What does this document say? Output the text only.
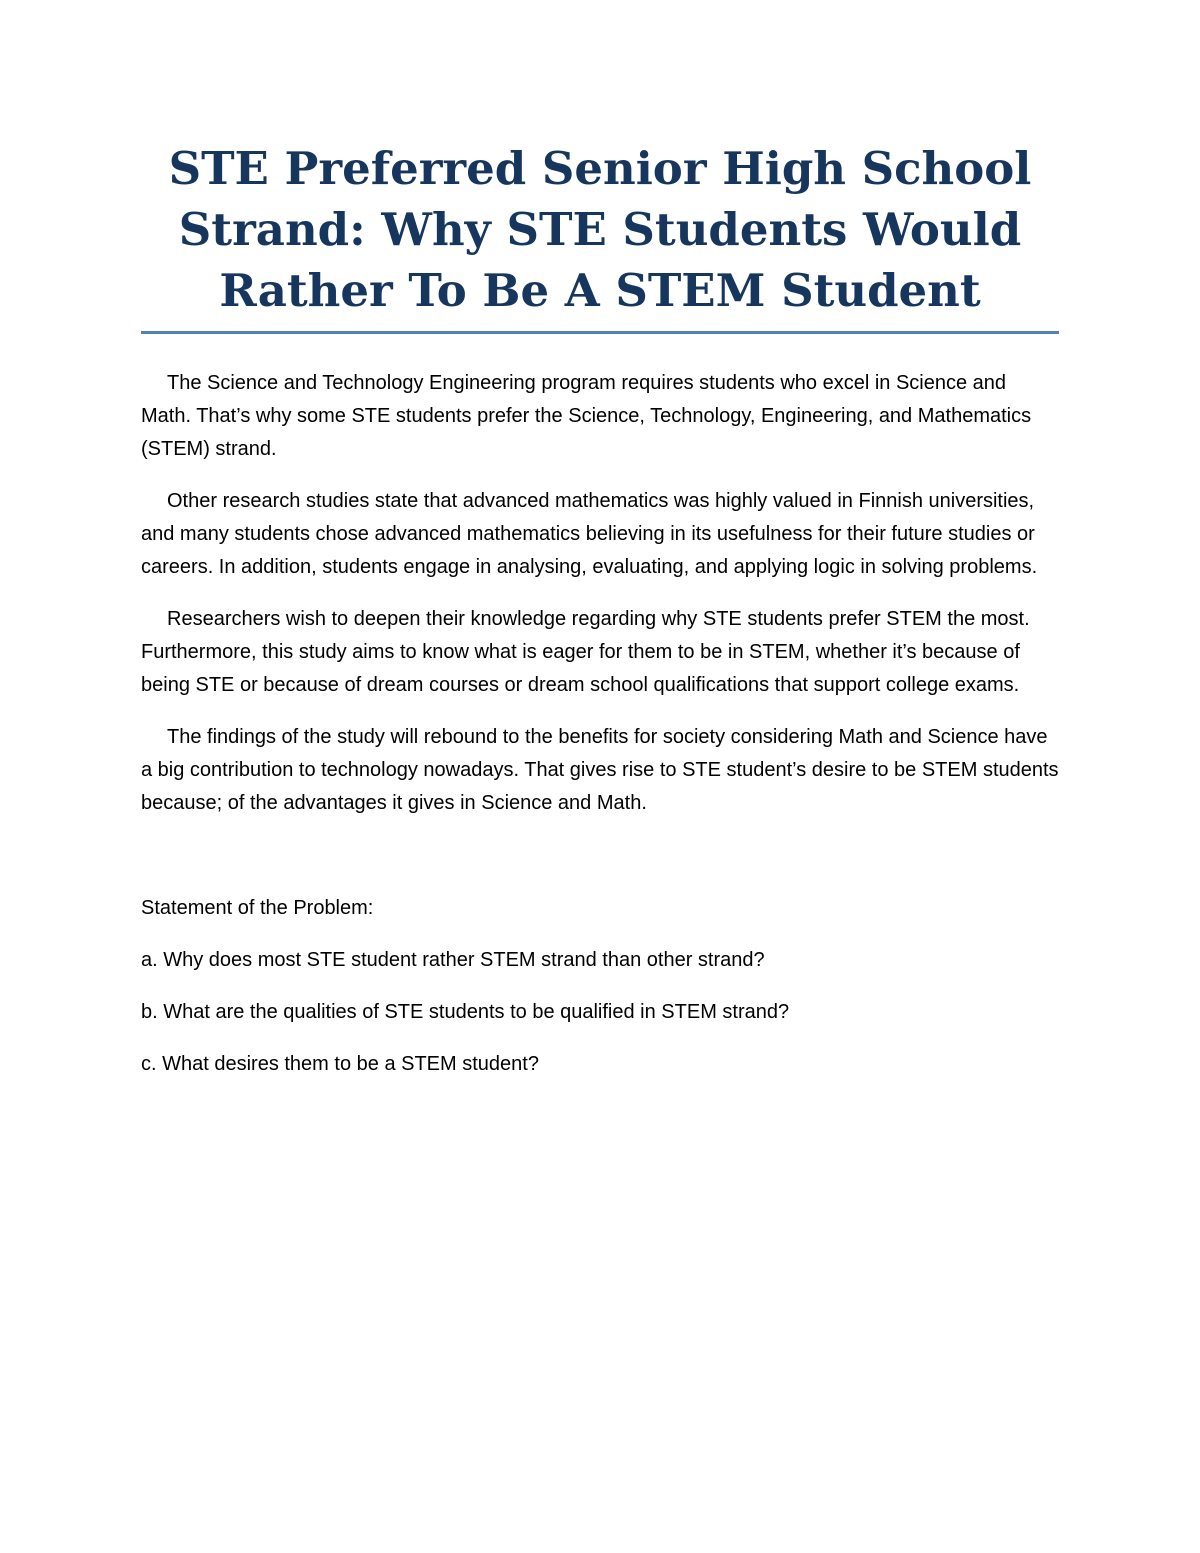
STE Preferred Senior High School Strand: Why STE Students Would Rather To Be A STEM Student

The Science and Technology Engineering program requires students who excel in Science and Math. That’s why some STE students prefer the Science, Technology, Engineering, and Mathematics (STEM) strand.

Other research studies state that advanced mathematics was highly valued in Finnish universities, and many students chose advanced mathematics believing in its usefulness for their future studies or careers. In addition, students engage in analysing, evaluating, and applying logic in solving problems.

Researchers wish to deepen their knowledge regarding why STE students prefer STEM the most. Furthermore, this study aims to know what is eager for them to be in STEM, whether it’s because of being STE or because of dream courses or dream school qualifications that support college exams.

The findings of the study will rebound to the benefits for society considering Math and Science have a big contribution to technology nowadays. That gives rise to STE student’s desire to be STEM students because; of the advantages it gives in Science and Math.

Statement of the Problem:

a. Why does most STE student rather STEM strand than other strand?

b. What are the qualities of STE students to be qualified in STEM strand?

c. What desires them to be a STEM student?
